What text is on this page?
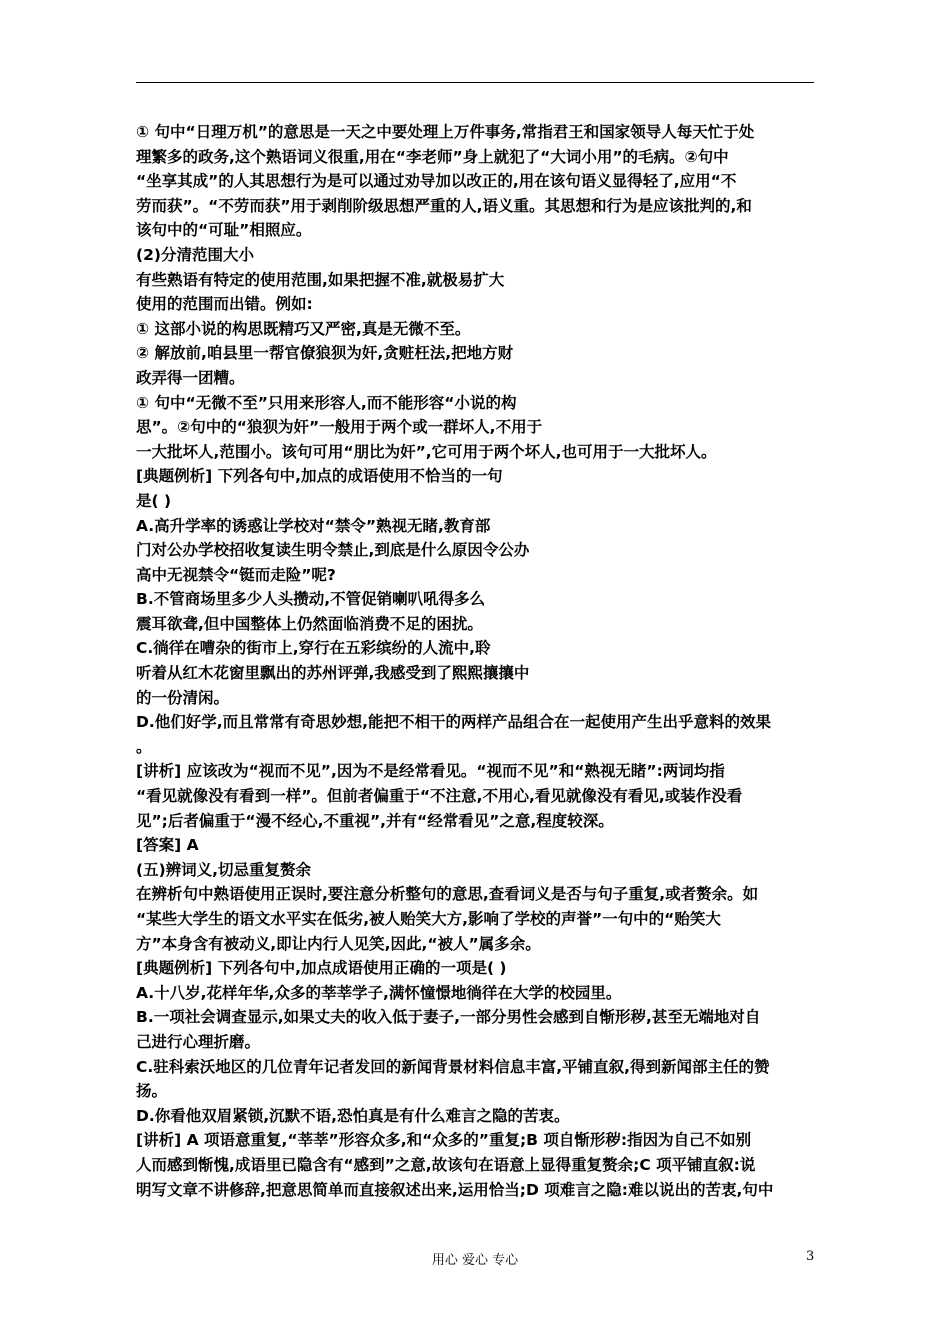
① 句中“日理万机”的意思是一天之中要处理上万件事务,常指君王和国家领导人每天忙于处
理繁多的政务,这个熟语词义很重,用在“李老师”身上就犯了“大词小用”的毛病。②句中
“坐享其成”的人其思想行为是可以通过劝导加以改正的,用在该句语义显得轻了,应用“不
劳而获”。“不劳而获”用于剥削阶级思想严重的人,语义重。其思想和行为是应该批判的,和
该句中的“可耻”相照应。
(2)分清范围大小
有些熟语有特定的使用范围,如果把握不准,就极易扩大
使用的范围而出错。例如:
① 这部小说的构思既精巧又严密,真是无微不至。
② 解放前,咱县里一帮官僚狼狈为奸,贪赃枉法,把地方财
政弄得一团糟。
① 句中“无微不至”只用来形容人,而不能形容“小说的构
思”。②句中的“狼狈为奸”一般用于两个或一群坏人,不用于
一大批坏人,范围小。该句可用“朋比为奸”,它可用于两个坏人,也可用于一大批坏人。
[典题例析] 下列各句中,加点的成语使用不恰当的一句
是( )
A.高升学率的诱惑让学校对“禁令”熟视无睹,教育部
门对公办学校招收复读生明令禁止,到底是什么原因令公办
高中无视禁令“铤而走险”呢?
B.不管商场里多少人头攒动,不管促销喇叭吼得多么
震耳欲聋,但中国整体上仍然面临消费不足的困扰。
C.徜徉在嘈杂的街市上,穿行在五彩缤纷的人流中,聆
听着从红木花窗里飘出的苏州评弹,我感受到了熙熙攘攘中
的一份清闲。
D.他们好学,而且常常有奇思妙想,能把不相干的两样产品组合在一起使用产生出乎意料的效果
。
[讲析] 应该改为“视而不见”,因为不是经常看见。“视而不见”和“熟视无睹”:两词均指
“看见就像没有看到一样”。但前者偏重于“不注意,不用心,看见就像没有看见,或装作没看
见”;后者偏重于“漫不经心,不重视”,并有“经常看见”之意,程度较深。
[答案] A
(五)辨词义,切忌重复赘余
在辨析句中熟语使用正误时,要注意分析整句的意思,查看词义是否与句子重复,或者赘余。如
“某些大学生的语文水平实在低劣,被人贻笑大方,影响了学校的声誉”一句中的“贻笑大
方”本身含有被动义,即让内行人见笑,因此,“被人”属多余。
[典题例析] 下列各句中,加点成语使用正确的一项是( )
A.十八岁,花样年华,众多的莘莘学子,满怀憧憬地徜徉在大学的校园里。
B.一项社会调查显示,如果丈夫的收入低于妻子,一部分男性会感到自惭形秽,甚至无端地对自
己进行心理折磨。
C.驻科索沃地区的几位青年记者发回的新闻背景材料信息丰富,平铺直叙,得到新闻部主任的赞
扬。
D.你看他双眉紧锁,沉默不语,恐怕真是有什么难言之隐的苦衷。
[讲析] A 项语意重复,“莘莘”形容众多,和“众多的”重复;B 项自惭形秽:指因为自己不如别
人而感到惭愧,成语里已隐含有“感到”之意,故该句在语意上显得重复赘余;C 项平铺直叙:说
明写文章不讲修辞,把意思简单而直接叙述出来,运用恰当;D 项难言之隐:难以说出的苦衷,句中
用心 爱心 专心	3
